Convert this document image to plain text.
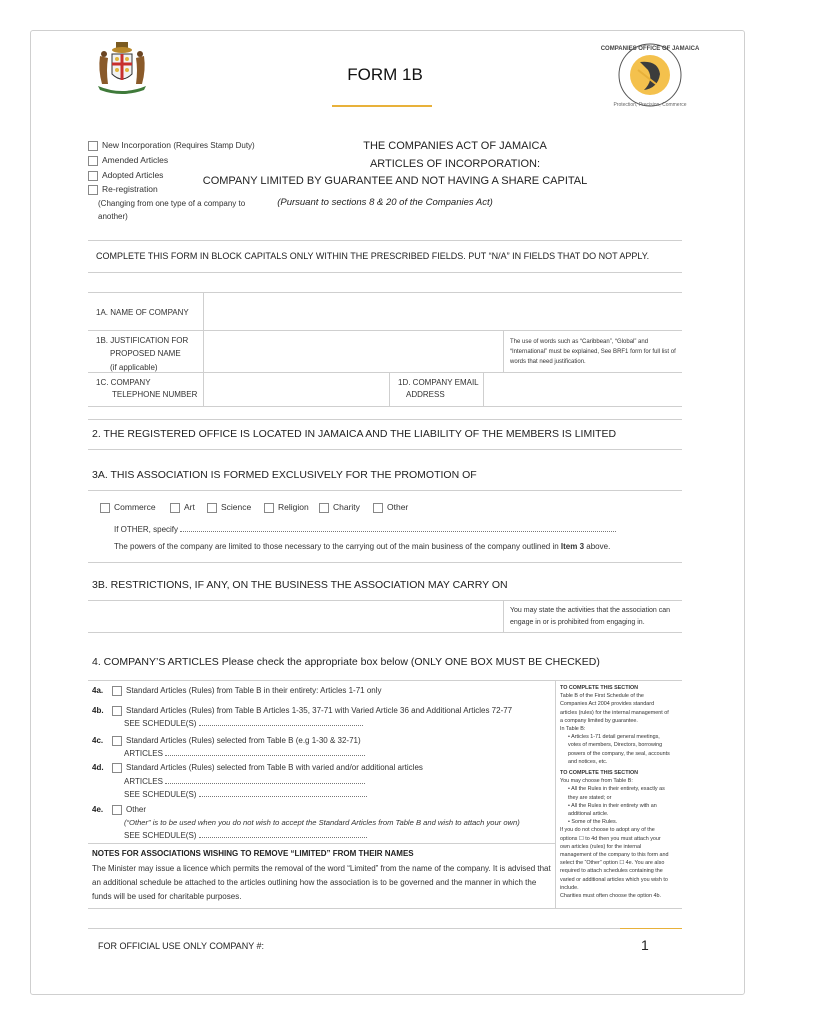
COMPANIES OFFICE OF JAMAICA
Protection, Precision, Commerce
FORM 1B
New Incorporation (Requires Stamp Duty)
Amended Articles
Adopted Articles
Re-registration
(Changing from one type of a company to
another)
THE COMPANIES ACT OF JAMAICA
ARTICLES OF INCORPORATION:
COMPANY LIMITED BY GUARANTEE AND NOT HAVING A SHARE CAPITAL
(Pursuant to sections 8 & 20 of the Companies Act)
COMPLETE THIS FORM IN BLOCK CAPITALS ONLY WITHIN THE PRESCRIBED FIELDS. PUT “N/A” IN FIELDS THAT DO NOT APPLY.
1A. NAME OF COMPANY
1B. JUSTIFICATION FOR
PROPOSED NAME
(if applicable)
The use of words such as “Caribbean”, “Global” and “International” must be explained, See BRF1 form for full list of words that need justification.
1C. COMPANY
TELEPHONE NUMBER
1D. COMPANY EMAIL
ADDRESS
2. THE REGISTERED OFFICE IS LOCATED IN JAMAICA AND THE LIABILITY OF THE MEMBERS IS LIMITED
3A. THIS ASSOCIATION IS FORMED EXCLUSIVELY FOR THE PROMOTION OF
Commerce	Art	Science	Religion	Charity	Other
If OTHER, specify
The powers of the company are limited to those necessary to the carrying out of the main business of the company outlined in Item 3 above.
3B. RESTRICTIONS, IF ANY, ON THE BUSINESS THE ASSOCIATION MAY CARRY ON
You may state the activities that the association can engage in or is prohibited from engaging in.
4. COMPANY’S ARTICLES Please check the appropriate box below (ONLY ONE BOX MUST BE CHECKED)
4a.	Standard Articles (Rules) from Table B in their entirety: Articles 1-71 only
4b.	Standard Articles (Rules) from Table B Articles 1-35, 37-71 with Varied Article 36 and Additional Articles 72-77
SEE SCHEDULE(S)
4c.	Standard Articles (Rules) selected from Table B (e.g 1-30 & 32-71)
ARTICLES
4d.	Standard Articles (Rules) selected from Table B with varied and/or additional articles
ARTICLES
SEE SCHEDULE(S)
4e.	Other
(“Other” is to be used when you do not wish to accept the Standard Articles from Table B and wish to attach your own)
SEE SCHEDULE(S)
NOTES FOR ASSOCIATIONS WISHING TO REMOVE “LIMITED” FROM THEIR NAMES
The Minister may issue a licence which permits the removal of the word “Limited” from the name of the company. It is advised that an additional schedule be attached to the articles outlining how the association is to be governed and the manner in which the funds will be used for charitable purposes.

TO COMPLETE THIS SECTION

Table B of the First Schedule of the Companies Act 2004 provides standard articles (rules) for the internal management of a company limited by guarantee.

In Table B:

• Articles 1-71 detail general meetings, votes of members, Directors, borrowing powers of the company, the seal, accounts and notices, etc.

TO COMPLETE THIS SECTION

You may choose from Table B:

• All the Rules in their entirety, exactly as they are stated; or

• All the Rules in their entirety with an additional article.

• Some of the Rules.

If you do not choose to adopt any of the options ☐ to 4d then you must attach your own articles (rules) for the internal management of the company to this form and select the “Other” option ☐ 4e. You are also required to attach schedules containing the varied or additional articles which you wish to include.

Charities must often choose the option 4b.

FOR OFFICIAL USE ONLY COMPANY #:	1
